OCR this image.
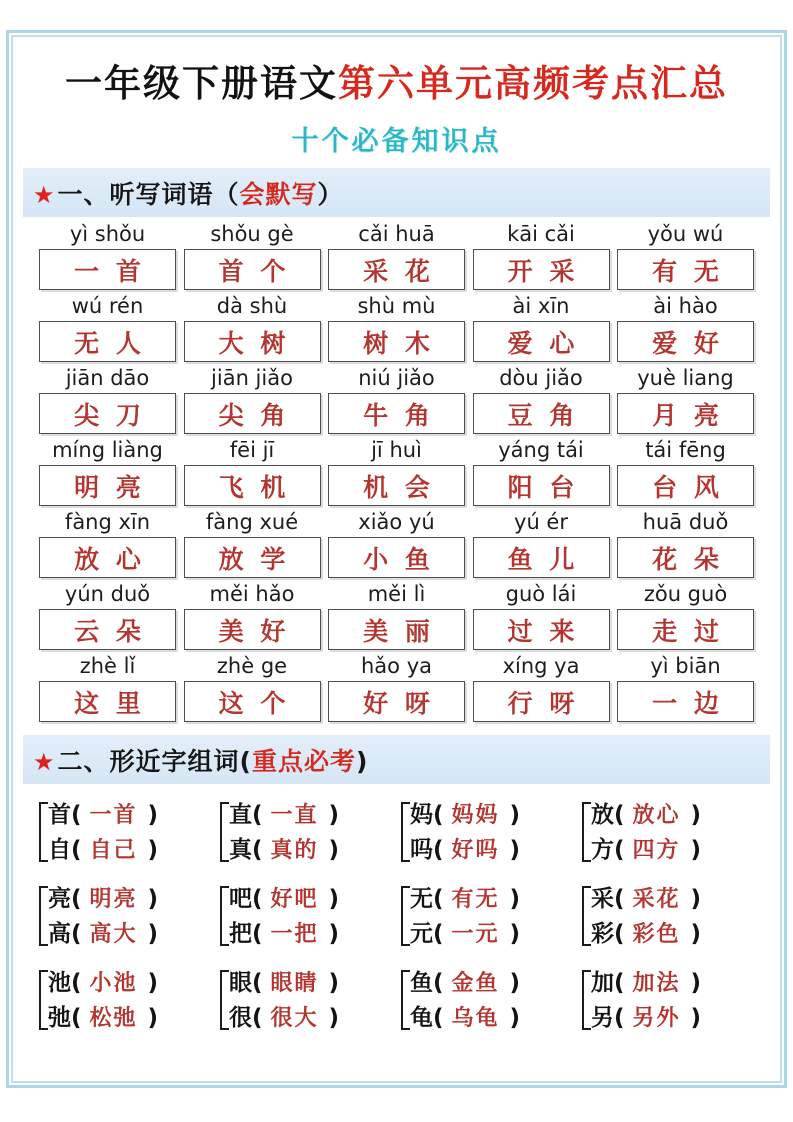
一年级下册语文第六单元高频考点汇总
十个必备知识点
★一、听写词语（会默写）
yì shǒu
一 首
shǒu gè
首 个
cǎi huā
采 花
kāi cǎi
开 采
yǒu wú
有 无
wú rén
无 人
dà shù
大 树
shù mù
树 木
ài xīn
爱 心
ài hào
爱 好
jiān dāo
尖 刀
jiān jiǎo
尖 角
niú jiǎo
牛 角
dòu jiǎo
豆 角
yuè liang
月 亮
míng liàng
明 亮
fēi jī
飞 机
jī huì
机 会
yáng tái
阳 台
tái fēng
台 风
fàng xīn
放 心
fàng xué
放 学
xiǎo yú
小 鱼
yú ér
鱼 儿
huā duǒ
花 朵
yún duǒ
云 朵
měi hǎo
美 好
měi lì
美 丽
guò lái
过 来
zǒu guò
走 过
zhè lǐ
这 里
zhè ge
这 个
hǎo ya
好 呀
xíng ya
行 呀
yì biān
一 边
★二、形近字组词(重点必考)
首( 一首 )
自( 自己 )
直( 一直 )
真( 真的 )
妈( 妈妈 )
吗( 好吗 )
放( 放心 )
方( 四方 )
亮( 明亮 )
高( 高大 )
吧( 好吧 )
把( 一把 )
无( 有无 )
元( 一元 )
采( 采花 )
彩( 彩色 )
池( 小池 )
弛( 松弛 )
眼( 眼睛 )
很( 很大 )
鱼( 金鱼 )
龟( 乌龟 )
加( 加法 )
另( 另外 )
